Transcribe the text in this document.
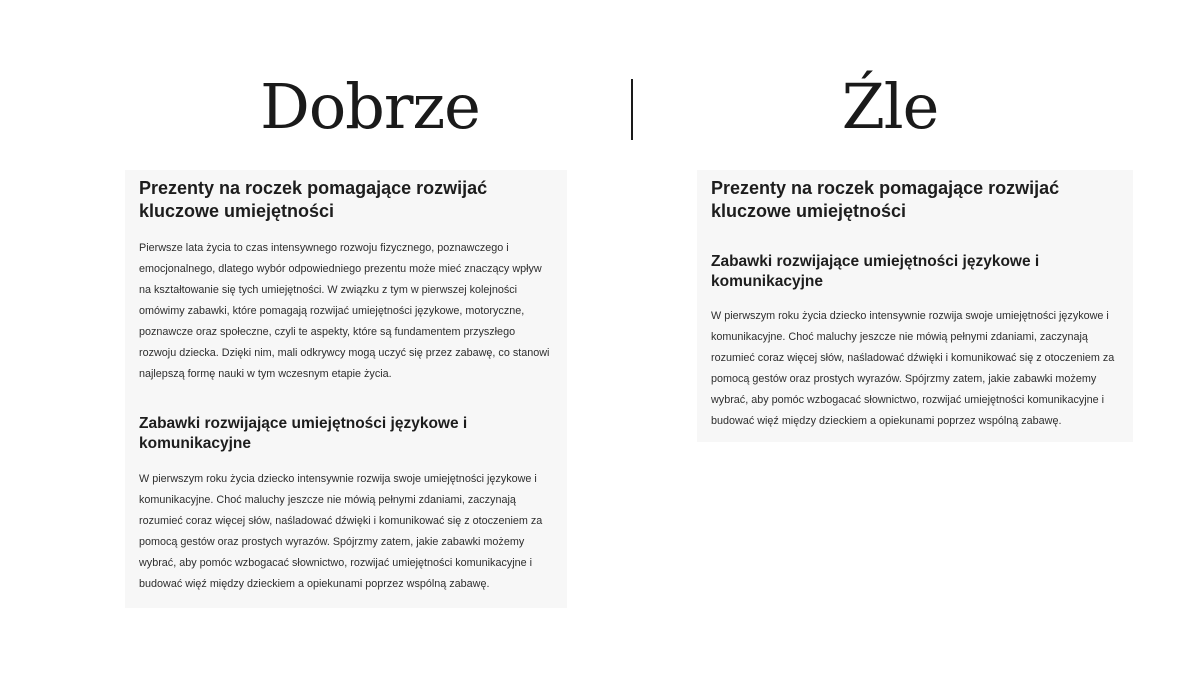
Dobrze	Źle
Prezenty na roczek pomagające rozwijać kluczowe umiejętności

Pierwsze lata życia to czas intensywnego rozwoju fizycznego, poznawczego i emocjonalnego, dlatego wybór odpowiedniego prezentu może mieć znaczący wpływ na kształtowanie się tych umiejętności. W związku z tym w pierwszej kolejności omówimy zabawki, które pomagają rozwijać umiejętności językowe, motoryczne, poznawcze oraz społeczne, czyli te aspekty, które są fundamentem przyszłego rozwoju dziecka. Dzięki nim, mali odkrywcy mogą uczyć się przez zabawę, co stanowi najlepszą formę nauki w tym wczesnym etapie życia.

Zabawki rozwijające umiejętności językowe i komunikacyjne

W pierwszym roku życia dziecko intensywnie rozwija swoje umiejętności językowe i komunikacyjne. Choć maluchy jeszcze nie mówią pełnymi zdaniami, zaczynają rozumieć coraz więcej słów, naśladować dźwięki i komunikować się z otoczeniem za pomocą gestów oraz prostych wyrazów. Spójrzmy zatem, jakie zabawki możemy wybrać, aby pomóc wzbogacać słownictwo, rozwijać umiejętności komunikacyjne i budować więź między dzieckiem a opiekunami poprzez wspólną zabawę.

Prezenty na roczek pomagające rozwijać kluczowe umiejętności
Zabawki rozwijające umiejętności językowe i komunikacyjne

W pierwszym roku życia dziecko intensywnie rozwija swoje umiejętności językowe i komunikacyjne. Choć maluchy jeszcze nie mówią pełnymi zdaniami, zaczynają rozumieć coraz więcej słów, naśladować dźwięki i komunikować się z otoczeniem za pomocą gestów oraz prostych wyrazów. Spójrzmy zatem, jakie zabawki możemy wybrać, aby pomóc wzbogacać słownictwo, rozwijać umiejętności komunikacyjne i budować więź między dzieckiem a opiekunami poprzez wspólną zabawę.
